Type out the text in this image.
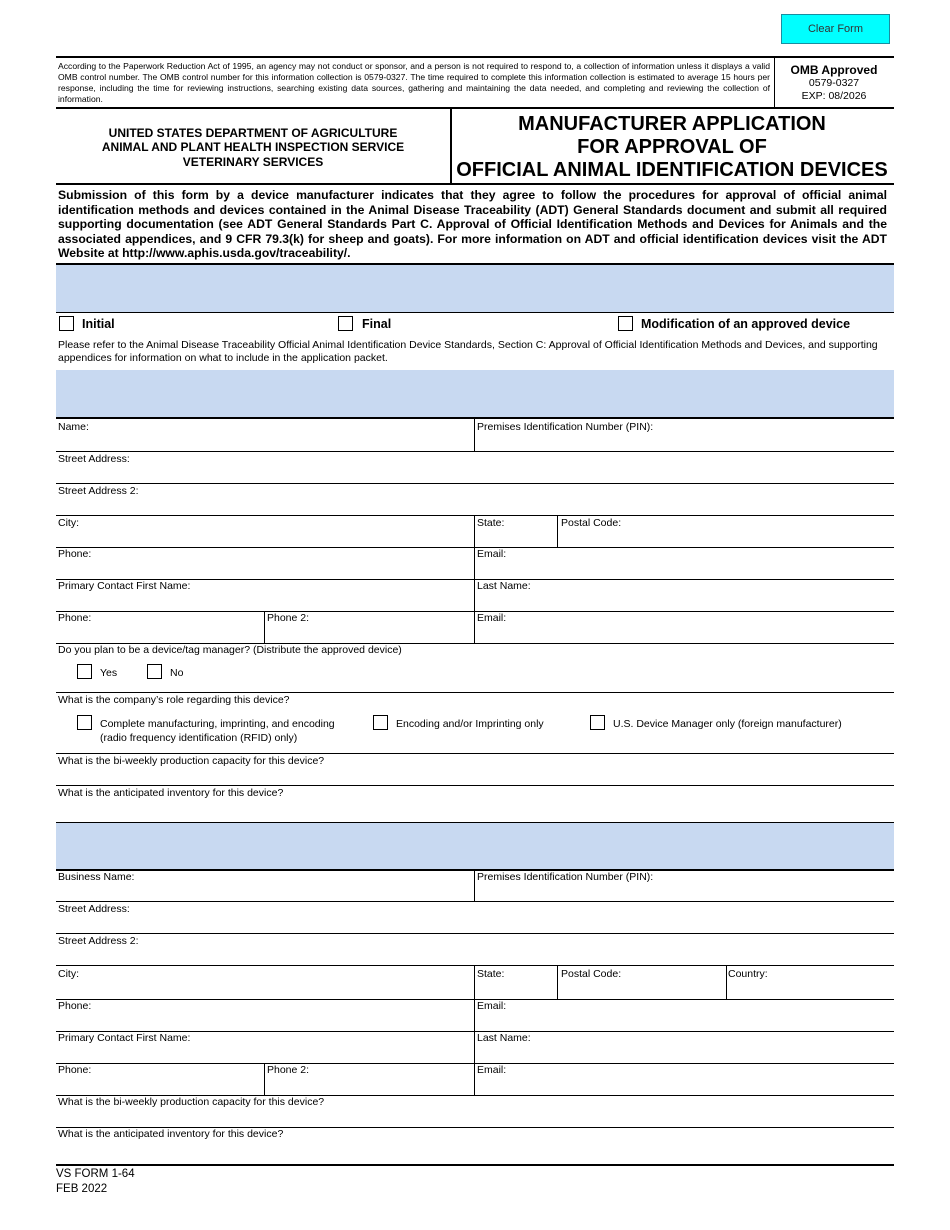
Clear Form
According to the Paperwork Reduction Act of 1995, an agency may not conduct or sponsor, and a person is not required to respond to, a collection of information unless it displays a valid OMB control number. The OMB control number for this information collection is 0579-0327. The time required to complete this information collection is estimated to average 15 hours per response, including the time for reviewing instructions, searching existing data sources, gathering and maintaining the data needed, and completing and reviewing the collection of information.
OMB Approved
0579-0327
EXP: 08/2026
UNITED STATES DEPARTMENT OF AGRICULTURE
ANIMAL AND PLANT HEALTH INSPECTION SERVICE
VETERINARY SERVICES
MANUFACTURER APPLICATION
FOR APPROVAL OF
OFFICIAL ANIMAL IDENTIFICATION DEVICES
Submission of this form by a device manufacturer indicates that they agree to follow the procedures for approval of official animal identification methods and devices contained in the Animal Disease Traceability (ADT) General Standards document and submit all required supporting documentation (see ADT General Standards Part C. Approval of Official Identification Methods and Devices for Animals and the associated appendices, and 9 CFR 79.3(k) for sheep and goats). For more information on ADT and official identification devices visit the ADT Website at http://www.aphis.usda.gov/traceability/.
Initial	Final	Modification of an approved device
Please refer to the Animal Disease Traceability Official Animal Identification Device Standards, Section C: Approval of Official Identification Methods and Devices, and supporting appendices for information on what to include in the application packet.
Name:	Premises Identification Number (PIN):
Street Address:
Street Address 2:
City:	State:	Postal Code:
Phone:	Email:
Primary Contact First Name:	Last Name:
Phone:	Phone 2:	Email:
Do you plan to be a device/tag manager? (Distribute the approved device)
Yes	No
What is the company’s role regarding this device?
Complete manufacturing, imprinting, and encoding (radio frequency identification (RFID) only)
Encoding and/or Imprinting only	U.S. Device Manager only (foreign manufacturer)
What is the bi-weekly production capacity for this device?
What is the anticipated inventory for this device?
Business Name:	Premises Identification Number (PIN):
Street Address:
Street Address 2:
City:	State:	Postal Code:	Country:
Phone:	Email:
Primary Contact First Name:	Last Name:
Phone:	Phone 2:	Email:
What is the bi-weekly production capacity for this device?
What is the anticipated inventory for this device?
VS FORM 1-64
FEB 2022
